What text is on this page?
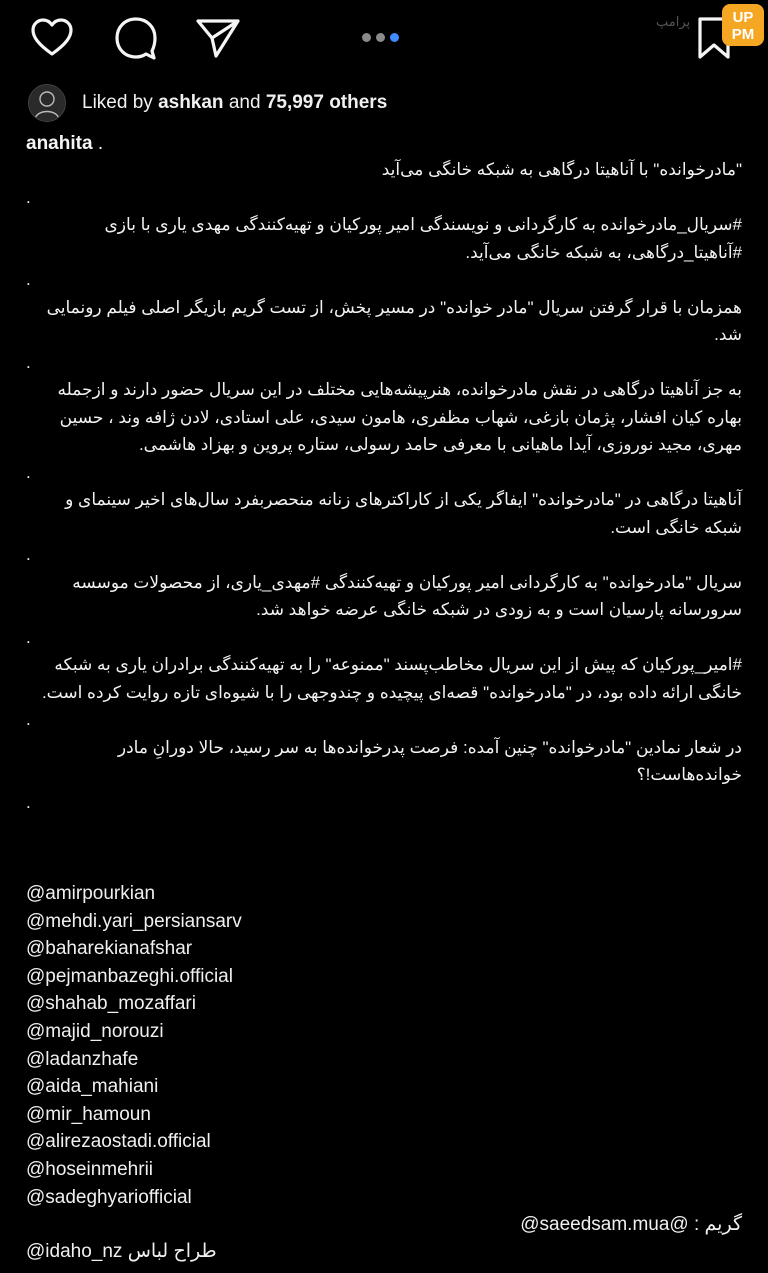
پرامپ	UP
PM
Liked by ashkan and 75,997 others
anahita .

"مادرخوانده" با آناهیتا درگاهی به شبکه خانگی می‌آید

.

#سریال_مادرخوانده به کارگردانی و نویسندگی امیر پورکیان و تهیه‌کنندگی مهدی یاری با بازی #آناهیتا_درگاهی، به شبکه خانگی می‌آید.

.

همزمان با قرار گرفتن سریال "مادر خوانده" در مسیر پخش، از تست گریم بازیگر اصلی فیلم رونمایی شد.

.

به جز آناهیتا درگاهی در نقش مادرخوانده، هنرپیشه‌هایی مختلف در این سریال حضور دارند و ازجمله بهاره کیان افشار، پژمان بازغی، شهاب مظفری، هامون سیدی، علی استادی، لادن ژافه وند ، حسین مهری، مجید نوروزی، آیدا ماهیانی با معرفی حامد رسولی، ستاره پروین و بهزاد هاشمی.

.

آناهیتا درگاهی در "مادرخوانده" ایفاگر یکی از کاراکترهای زنانه منحصربفرد سال‌های اخیر سینمای و شبکه خانگی است.

.

سریال "مادرخوانده" به کارگردانی امیر پورکیان و تهیه‌کنندگی #مهدی_یاری، از محصولات موسسه سرورسانه پارسیان است و به زودی در شبکه خانگی عرضه خواهد شد.

.

#امیر_پورکیان که پیش از این سریال مخاطب‌پسند "ممنوعه" را به تهیه‌کنندگی برادران یاری به شبکه خانگی ارائه داده بود، در "مادرخوانده" قصه‌ای پیچیده و چندوجهی را با شیوه‌ای تازه روایت کرده است.

.

در شعار نمادین "مادرخوانده" چنین آمده: فرصت پدرخوانده‌ها به سر رسید، حالا دورانِ مادر خوانده‌هاست!؟

.
@amirpourkian
@mehdi.yari_persiansarv
@baharekianafshar
@pejmanbazeghi.official
@shahab_mozaffari
@majid_norouzi
@ladanzhafe
@aida_mahiani
@mir_hamoun
@alirezaostadi.official
@hoseinmehrii
@sadeghyariofficial
گریم : @saeedsam.mua@
@idaho_nz طراح لباس
